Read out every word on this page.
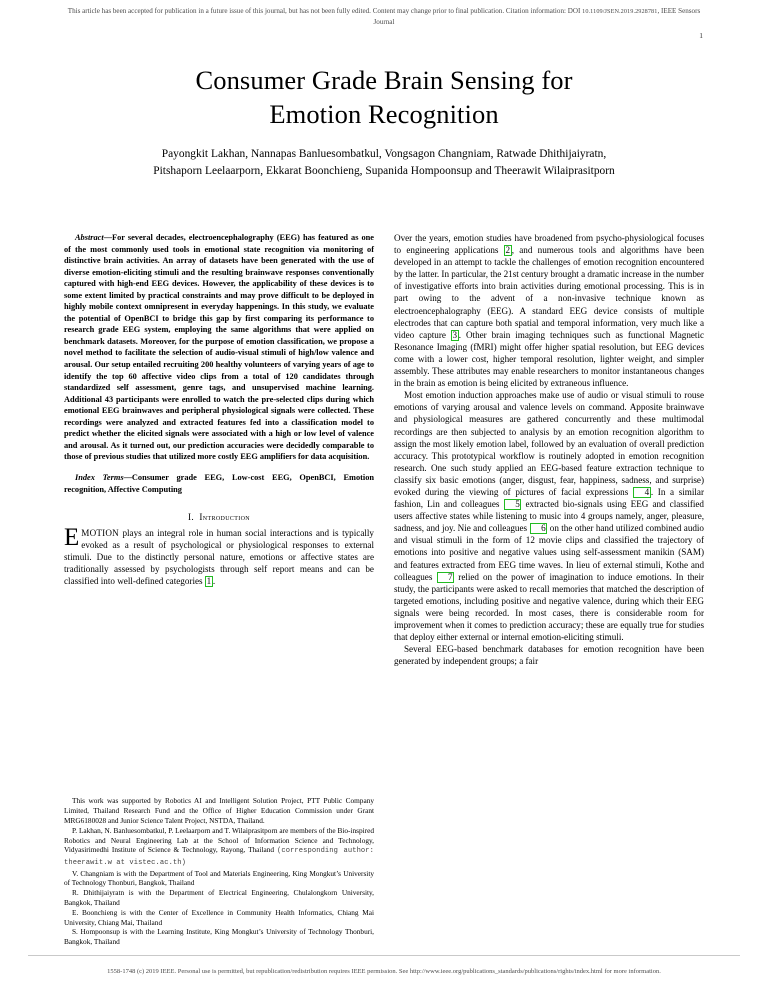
This article has been accepted for publication in a future issue of this journal, but has not been fully edited. Content may change prior to final publication. Citation information: DOI 10.1109/JSEN.2019.2928781, IEEE Sensors
Journal
1
Consumer Grade Brain Sensing for
Emotion Recognition
Payongkit Lakhan, Nannapas Banluesombatkul, Vongsagon Changniam, Ratwade Dhithijaiyratn,
Pitshaporn Leelaarporn, Ekkarat Boonchieng, Supanida Hompoonsup and Theerawit Wilaiprasitporn

Abstract—For several decades, electroencephalography (EEG) has featured as one of the most commonly used tools in emotional state recognition via monitoring of distinctive brain activities. An array of datasets have been generated with the use of diverse emotion-eliciting stimuli and the resulting brainwave responses conventionally captured with high-end EEG devices. However, the applicability of these devices is to some extent limited by practical constraints and may prove difficult to be deployed in highly mobile context omnipresent in everyday happenings. In this study, we evaluate the potential of OpenBCI to bridge this gap by first comparing its performance to research grade EEG system, employing the same algorithms that were applied on benchmark datasets. Moreover, for the purpose of emotion classification, we propose a novel method to facilitate the selection of audio-visual stimuli of high/low valence and arousal. Our setup entailed recruiting 200 healthy volunteers of varying years of age to identify the top 60 affective video clips from a total of 120 candidates through standardized self assessment, genre tags, and unsupervised machine learning. Additional 43 participants were enrolled to watch the pre-selected clips during which emotional EEG brainwaves and peripheral physiological signals were collected. These recordings were analyzed and extracted features fed into a classification model to predict whether the elicited signals were associated with a high or low level of valence and arousal. As it turned out, our prediction accuracies were decidedly comparable to those of previous studies that utilized more costly EEG amplifiers for data acquisition.

Index Terms—Consumer grade EEG, Low-cost EEG, OpenBCI, Emotion recognition, Affective Computing

I. Introduction

EMOTION plays an integral role in human social interactions and is typically evoked as a result of psychological or physiological responses to external stimuli. Due to the distinctly personal nature, emotions or affective states are traditionally assessed by psychologists through self report means and can be classified into well-defined categories 1 .

This work was supported by Robotics AI and Intelligent Solution Project, PTT Public Company Limited, Thailand Research Fund and the Office of Higher Education Commission under Grant MRG6180028 and Junior Science Talent Project, NSTDA, Thailand.

P. Lakhan, N. Banluesombatkul, P. Leelaarporn and T. Wilaiprasitporn are members of the Bio-inspired Robotics and Neural Engineering Lab at the School of Information Science and Technology, Vidyasirimedhi Institute of Science & Technology, Rayong, Thailand (corresponding author: theerawit.w at vistec.ac.th)

V. Changniam is with the Department of Tool and Materials Engineering, King Mongkut’s University of Technology Thonburi, Bangkok, Thailand

R. Dhithijaiyratn is with the Department of Electrical Engineering, Chulalongkorn University, Bangkok, Thailand

E. Boonchieng is with the Center of Excellence in Community Health Informatics, Chiang Mai University, Chiang Mai, Thailand

S. Hompoonsup is with the Learning Institute, King Mongkut’s University of Technology Thonburi, Bangkok, Thailand

Over the years, emotion studies have broadened from psycho-physiological focuses to engineering applications 2 , and numerous tools and algorithms have been developed in an attempt to tackle the challenges of emotion recognition encountered by the latter. In particular, the 21st century brought a dramatic increase in the number of investigative efforts into brain activities during emotional processing. This is in part owing to the advent of a non-invasive technique known as electroencephalography (EEG). A standard EEG device consists of multiple electrodes that can capture both spatial and temporal information, very much like a video capture 3 . Other brain imaging techniques such as functional Magnetic Resonance Imaging (fMRI) might offer higher spatial resolution, but EEG devices come with a lower cost, higher temporal resolution, lighter weight, and simpler assembly. These attributes may enable researchers to monitor instantaneous changes in the brain as emotion is being elicited by extraneous influence.

Most emotion induction approaches make use of audio or visual stimuli to rouse emotions of varying arousal and valence levels on command. Apposite brainwave and physiological measures are gathered concurrently and these multimodal recordings are then subjected to analysis by an emotion recognition algorithm to assign the most likely emotion label, followed by an evaluation of overall prediction accuracy. This prototypical workflow is routinely adopted in emotion recognition research. One such study applied an EEG-based feature extraction technique to classify six basic emotions (anger, disgust, fear, happiness, sadness, and surprise) evoked during the viewing of pictures of facial expressions 4 . In a similar fashion, Lin and colleagues 5 extracted bio-signals using EEG and classified users affective states while listening to music into 4 groups namely, anger, pleasure, sadness, and joy. Nie and colleagues 6 on the other hand utilized combined audio and visual stimuli in the form of 12 movie clips and classified the trajectory of emotions into positive and negative values using self-assessment manikin (SAM) and features extracted from EEG time waves. In lieu of external stimuli, Kothe and colleagues 7 relied on the power of imagination to induce emotions. In their study, the participants were asked to recall memories that matched the description of targeted emotions, including positive and negative valence, during which their EEG signals were being recorded. In most cases, there is considerable room for improvement when it comes to prediction accuracy; these are equally true for studies that deploy either external or internal emotion-eliciting stimuli.

Several EEG-based benchmark databases for emotion recognition have been generated by independent groups; a fair

1558-1748 (c) 2019 IEEE. Personal use is permitted, but republication/redistribution requires IEEE permission. See http://www.ieee.org/publications_standards/publications/rights/index.html for more information.
